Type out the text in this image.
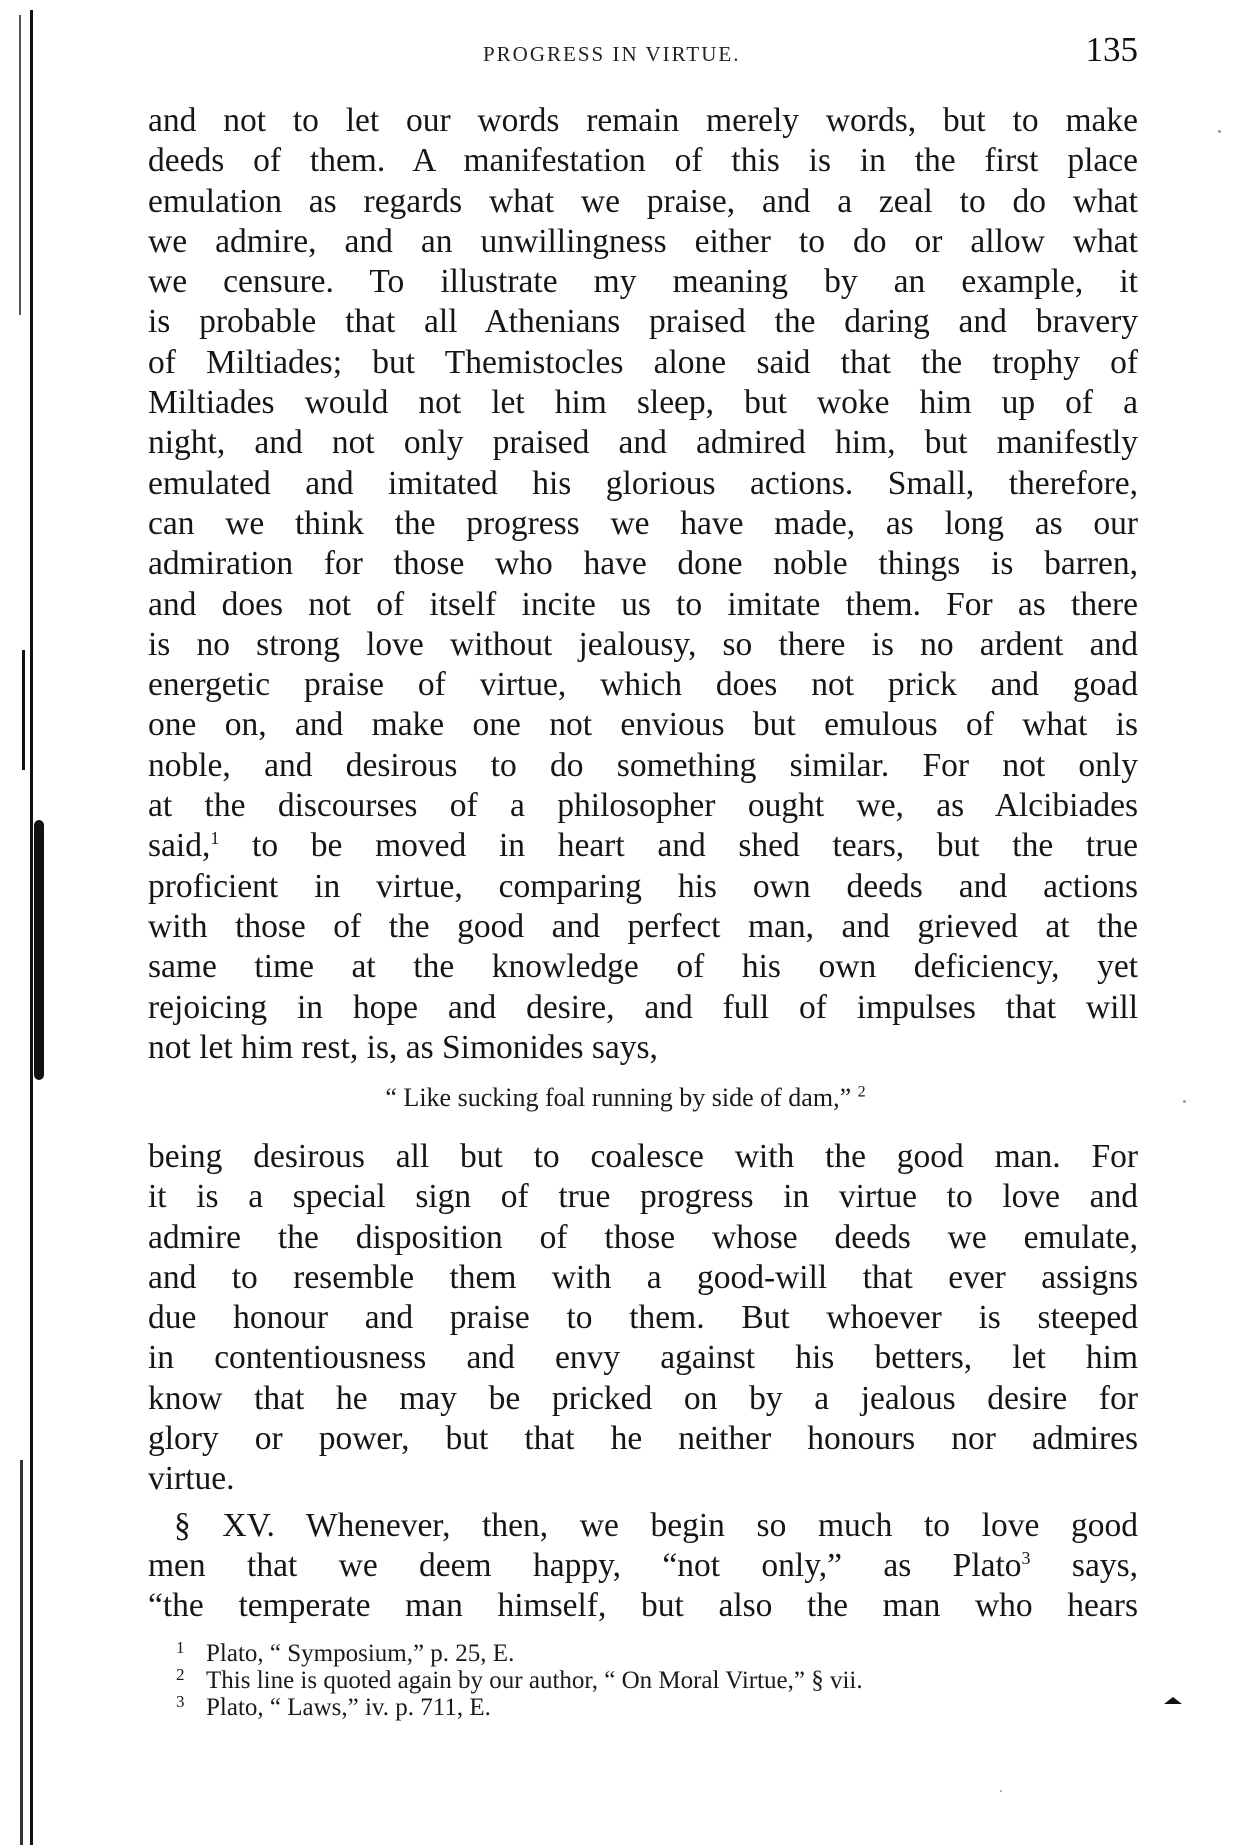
PROGRESS IN VIRTUE.	135
and not to let our words remain merely words, but to make
deeds of them. A manifestation of this is in the first place
emulation as regards what we praise, and a zeal to do what
we admire, and an unwillingness either to do or allow what
we censure. To illustrate my meaning by an example, it
is probable that all Athenians praised the daring and bravery
of Miltiades; but Themistocles alone said that the trophy of
Miltiades would not let him sleep, but woke him up of a
night, and not only praised and admired him, but manifestly
emulated and imitated his glorious actions. Small, therefore,
can we think the progress we have made, as long as our
admiration for those who have done noble things is barren,
and does not of itself incite us to imitate them. For as there
is no strong love without jealousy, so there is no ardent and
energetic praise of virtue, which does not prick and goad
one on, and make one not envious but emulous of what is
noble, and desirous to do something similar. For not only
at the discourses of a philosopher ought we, as Alcibiades
said,$^1$ to be moved in heart and shed tears, but the true
proficient in virtue, comparing his own deeds and actions
with those of the good and perfect man, and grieved at the
same time at the knowledge of his own deficiency, yet
rejoicing in hope and desire, and full of impulses that will
not let him rest, is, as Simonides says,
“ Like sucking foal running by side of dam,” $^2$
being desirous all but to coalesce with the good man. For
it is a special sign of true progress in virtue to love and
admire the disposition of those whose deeds we emulate,
and to resemble them with a good-will that ever assigns
due honour and praise to them. But whoever is steeped
in contentiousness and envy against his betters, let him
know that he may be pricked on by a jealous desire for
glory or power, but that he neither honours nor admires
virtue.
§ XV. Whenever, then, we begin so much to love good
men that we deem happy, “not only,” as Plato$^3$ says,
“the temperate man himself, but also the man who hears
1 Plato, “ Symposium,” p. 25, E.
2 This line is quoted again by our author, “ On Moral Virtue,” § vii.
3 Plato, “ Laws,” iv. p. 711, E.
